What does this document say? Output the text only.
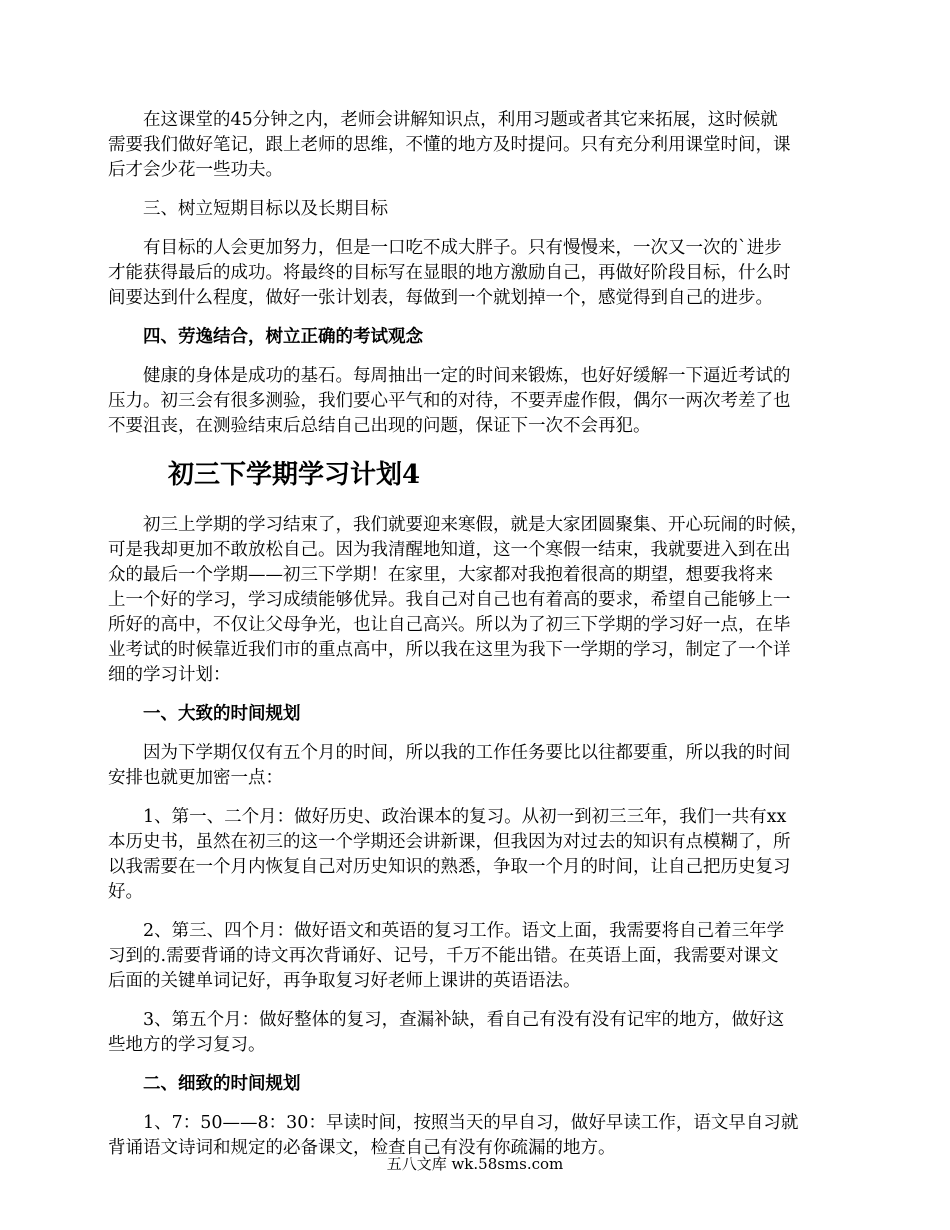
在这课堂的45分钟之内，老师会讲解知识点，利用习题或者其它来拓展，这时候就
需要我们做好笔记，跟上老师的思维，不懂的地方及时提问。只有充分利用课堂时间，课
后才会少花一些功夫。

三、树立短期目标以及长期目标

有目标的人会更加努力，但是一口吃不成大胖子。只有慢慢来，一次又一次的`进步
才能获得最后的成功。将最终的目标写在显眼的地方激励自己，再做好阶段目标，什么时
间要达到什么程度，做好一张计划表，每做到一个就划掉一个，感觉得到自己的进步。

四、劳逸结合，树立正确的考试观念

健康的身体是成功的基石。每周抽出一定的时间来锻炼，也好好缓解一下逼近考试的
压力。初三会有很多测验，我们要心平气和的对待，不要弄虚作假，偶尔一两次考差了也
不要沮丧，在测验结束后总结自己出现的问题，保证下一次不会再犯。

初三下学期学习计划4

初三上学期的学习结束了，我们就要迎来寒假，就是大家团圆聚集、开心玩闹的时候，
可是我却更加不敢放松自己。因为我清醒地知道，这一个寒假一结束，我就要进入到在出
众的最后一个学期——初三下学期！在家里，大家都对我抱着很高的期望，想要我将来
上一个好的学习，学习成绩能够优异。我自己对自己也有着高的要求，希望自己能够上一
所好的高中，不仅让父母争光，也让自己高兴。所以为了初三下学期的学习好一点，在毕
业考试的时候靠近我们市的重点高中，所以我在这里为我下一学期的学习，制定了一个详
细的学习计划：

一、大致的时间规划

因为下学期仅仅有五个月的时间，所以我的工作任务要比以往都要重，所以我的时间
安排也就更加密一点：

1、第一、二个月：做好历史、政治课本的复习。从初一到初三三年，我们一共有xx
本历史书，虽然在初三的这一个学期还会讲新课，但我因为对过去的知识有点模糊了，所
以我需要在一个月内恢复自己对历史知识的熟悉，争取一个月的时间，让自己把历史复习
好。

2、第三、四个月：做好语文和英语的复习工作。语文上面，我需要将自己着三年学
习到的.需要背诵的诗文再次背诵好、记号，千万不能出错。在英语上面，我需要对课文
后面的关键单词记好，再争取复习好老师上课讲的英语语法。

3、第五个月：做好整体的复习，查漏补缺，看自己有没有没有记牢的地方，做好这
些地方的学习复习。

二、细致的时间规划

1、7：50——8：30：早读时间，按照当天的早自习，做好早读工作，语文早自习就
背诵语文诗词和规定的必备课文，检查自己有没有你疏漏的地方。

五八文库 wk.58sms.com
